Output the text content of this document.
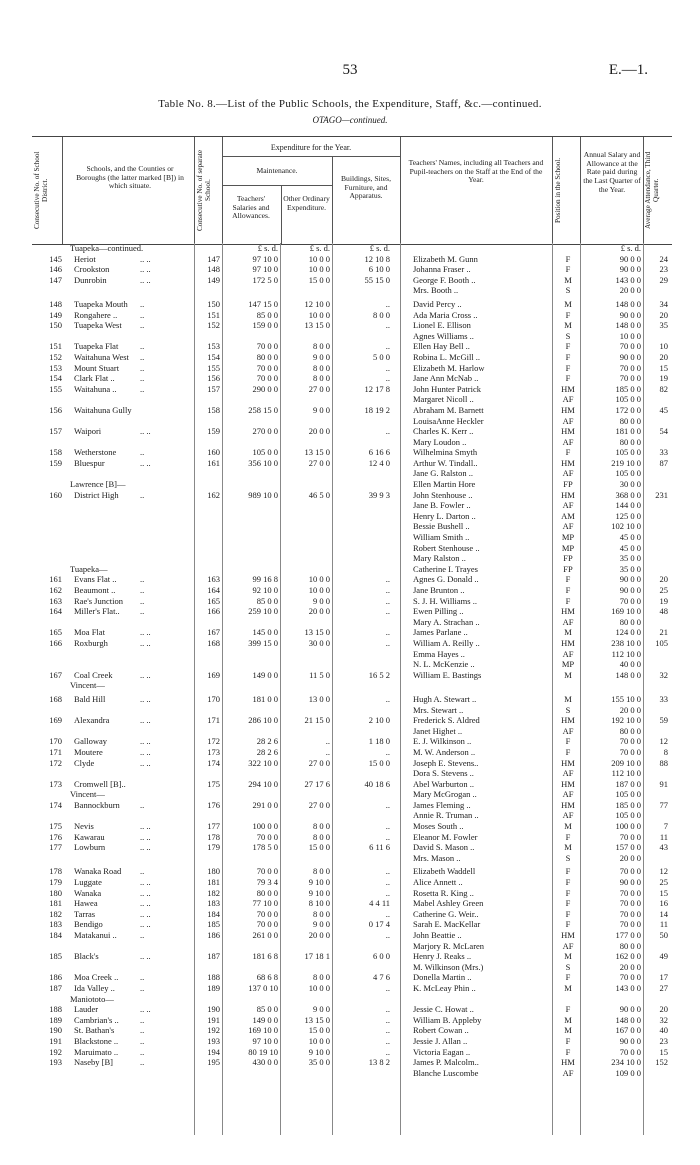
53	E.—1.
Table No. 8.—List of the Public Schools, the Expenditure, Staff, &c.—continued.
OTAGO—continued.
Consecutive No. of School District.
Schools, and the Counties or Boroughs (the latter marked [B]) in which situate.	Consecutive No. of separate School.
Expenditure for the Year.
Maintenance.
Teachers' Salaries and Allowances.
Other Ordinary Expenditure.
Buildings, Sites, Furniture, and Apparatus.
Teachers' Names, including all Teachers and Pupil-teachers on the Staff at the End of the Year.	Position in the School.
Annual Salary and Allowance at the Rate paid during the Last Quarter of the Year.	Average Attendance, Third Quarter.
Tuapeka—continued.	£ s. d.	£ s. d.	£ s. d.	£ s. d.
145 Heriot	.. ..	147	97 10 0	10 0 0	12 10 8	Elizabeth M. Gunn	F	90 0 0	24
146 Crookston	.. ..	148	97 10 0	10 0 0	6 10 0	Johanna Fraser ..	F	90 0 0	23
147 Dunrobin	.. ..	149	172 5 0	15 0 0	55 15 0	George F. Booth ..	M	143 0 0	29
Mrs. Booth ..	S	20 0 0
148 Tuapeka Mouth	..	150	147 15 0	12 10 0	..	David Percy ..	M	148 0 0	34
149 Rongahere ..	..	151	85 0 0	10 0 0	8 0 0	Ada Maria Cross ..	F	90 0 0	20
150 Tuapeka West	..	152	159 0 0	13 15 0	..	Lionel E. Ellison	M	148 0 0	35
Agnes Williams ..	S	10 0 0
151 Tuapeka Flat	..	153	70 0 0	8 0 0	..	Ellen Hay Bell ..	F	70 0 0	10
152 Waitahuna West	..	154	80 0 0	9 0 0	5 0 0	Robina L. McGill ..	F	90 0 0	20
153 Mount Stuart	..	155	70 0 0	8 0 0	..	Elizabeth M. Harlow	F	70 0 0	15
154 Clark Flat ..	..	156	70 0 0	8 0 0	..	Jane Ann McNab ..	F	70 0 0	19
155 Waitahuna ..	..	157	290 0 0	27 0 0	12 17 8	John Hunter Patrick	HM	185 0 0	82
Margaret Nicoll ..	AF	105 0 0
156 Waitahuna Gully	158	258 15 0	9 0 0	18 19 2	Abraham M. Barnett	HM	172 0 0	45
LouisaAnne Heckler	AF	80 0 0
157 Waipori	.. ..	159	270 0 0	20 0 0	..	Charles K. Kerr ..	HM	181 0 0	54
Mary Loudon ..	AF	80 0 0
158 Wetherstone	..	160	105 0 0	13 15 0	6 16 6	Wilhelmina Smyth	F	105 0 0	33
159 Bluespur	.. ..	161	356 10 0	27 0 0	12 4 0	Arthur W. Tindall..	HM	219 10 0	87
Jane G. Ralston ..	AF	105 0 0
Lawrence [B]—	Ellen Martin Hore	FP	30 0 0
160 District High	..	162	989 10 0	46 5 0	39 9 3	John Stenhouse ..	HM	368 0 0	231
Jane B. Fowler ..	AF	144 0 0
Henry L. Darton ..	AM	125 0 0
Bessie Bushell ..	AF	102 10 0
William Smith ..	MP	45 0 0
Robert Stenhouse ..	MP	45 0 0
Mary Ralston ..	FP	35 0 0
Tuapeka—	Catherine I. Trayes	FP	35 0 0
161 Evans Flat ..	..	163	99 16 8	10 0 0	..	Agnes G. Donald ..	F	90 0 0	20
162 Beaumont ..	..	164	92 10 0	10 0 0	..	Jane Brunton ..	F	90 0 0	25
163 Rae's Junction	..	165	85 0 0	9 0 0	..	S. J. H. Williams ..	F	70 0 0	19
164 Miller's Flat..	..	166	259 10 0	20 0 0	..	Ewen Pilling ..	HM	169 10 0	48
Mary A. Strachan ..	AF	80 0 0
165 Moa Flat	.. ..	167	145 0 0	13 15 0	..	James Parlane ..	M	124 0 0	21
166 Roxburgh	.. ..	168	399 15 0	30 0 0	..	William A. Reilly ..	HM	238 10 0	105
Emma Hayes ..	AF	112 10 0
N. L. McKenzie ..	MP	40 0 0
167 Coal Creek	.. ..	169	149 0 0	11 5 0	16 5 2	William E. Bastings	M	148 0 0	32
Vincent—
168 Bald Hill	.. ..	170	181 0 0	13 0 0	..	Hugh A. Stewart ..	M	155 10 0	33
Mrs. Stewart ..	S	20 0 0
169 Alexandra	.. ..	171	286 10 0	21 15 0	2 10 0	Frederick S. Aldred	HM	192 10 0	59
Janet Highet ..	AF	80 0 0
170 Galloway	.. ..	172	28 2 6	..	1 18 0	E. J. Wilkinson ..	F	70 0 0	12
171 Moutere	.. ..	173	28 2 6	..	..	M. W. Anderson ..	F	70 0 0	8
172 Clyde	.. ..	174	322 10 0	27 0 0	15 0 0	Joseph E. Stevens..	HM	209 10 0	88
Dora S. Stevens ..	AF	112 10 0
173 Cromwell [B]..	175	294 10 0	27 17 6	40 18 6	Abel Warburton ..	HM	187 0 0	91
Vincent—	Mary McGrogan ..	AF	105 0 0
174 Bannockburn	..	176	291 0 0	27 0 0	..	James Fleming ..	HM	185 0 0	77
Annie R. Truman ..	AF	105 0 0
175 Nevis	.. ..	177	100 0 0	8 0 0	..	Moses South ..	M	100 0 0	7
176 Kawarau	.. ..	178	70 0 0	8 0 0	..	Eleanor M. Fowler	F	70 0 0	11
177 Lowburn	.. ..	179	178 5 0	15 0 0	6 11 6	David S. Mason ..	M	157 0 0	43
Mrs. Mason ..	S	20 0 0
178 Wanaka Road	..	180	70 0 0	8 0 0	..	Elizabeth Waddell	F	70 0 0	12
179 Luggate	.. ..	181	79 3 4	9 10 0	..	Alice Annett ..	F	90 0 0	25
180 Wanaka	.. ..	182	80 0 0	9 10 0	..	Rosetta R. King ..	F	70 0 0	15
181 Hawea	.. ..	183	77 10 0	8 10 0	4 4 11	Mabel Ashley Green	F	70 0 0	16
182 Tarras	.. ..	184	70 0 0	8 0 0	..	Catherine G. Weir..	F	70 0 0	14
183 Bendigo	.. ..	185	70 0 0	9 0 0	0 17 4	Sarah E. MacKellar	F	70 0 0	11
184 Matakanui ..	..	186	261 0 0	20 0 0	..	John Beattie ..	HM	177 0 0	50
Marjory R. McLaren	AF	80 0 0
185 Black's	.. ..	187	181 6 8	17 18 1	6 0 0	Henry J. Reaks ..	M	162 0 0	49
M. Wilkinson (Mrs.)	S	20 0 0
186 Moa Creek ..	..	188	68 6 8	8 0 0	4 7 6	Donella Martin ..	F	70 0 0	17
187 Ida Valley ..	..	189	137 0 10	10 0 0	..	K. McLeay Phin ..	M	143 0 0	27
Maniototo—
188 Lauder	.. ..	190	85 0 0	9 0 0	..	Jessie C. Howat ..	F	90 0 0	20
189 Cambrian's ..	..	191	149 0 0	13 15 0	..	William B. Appleby	M	148 0 0	32
190 St. Bathan's	..	192	169 10 0	15 0 0	..	Robert Cowan ..	M	167 0 0	40
191 Blackstone ..	..	193	97 10 0	10 0 0	..	Jessie J. Allan ..	F	90 0 0	23
192 Maruimato ..	..	194	80 19 10	9 10 0	..	Victoria Eagan ..	F	70 0 0	15
193 Naseby [B]	..	195	430 0 0	35 0 0	13 8 2	James P. Malcolm..	HM	234 10 0	152
Blanche Luscombe	AF	109 0 0
